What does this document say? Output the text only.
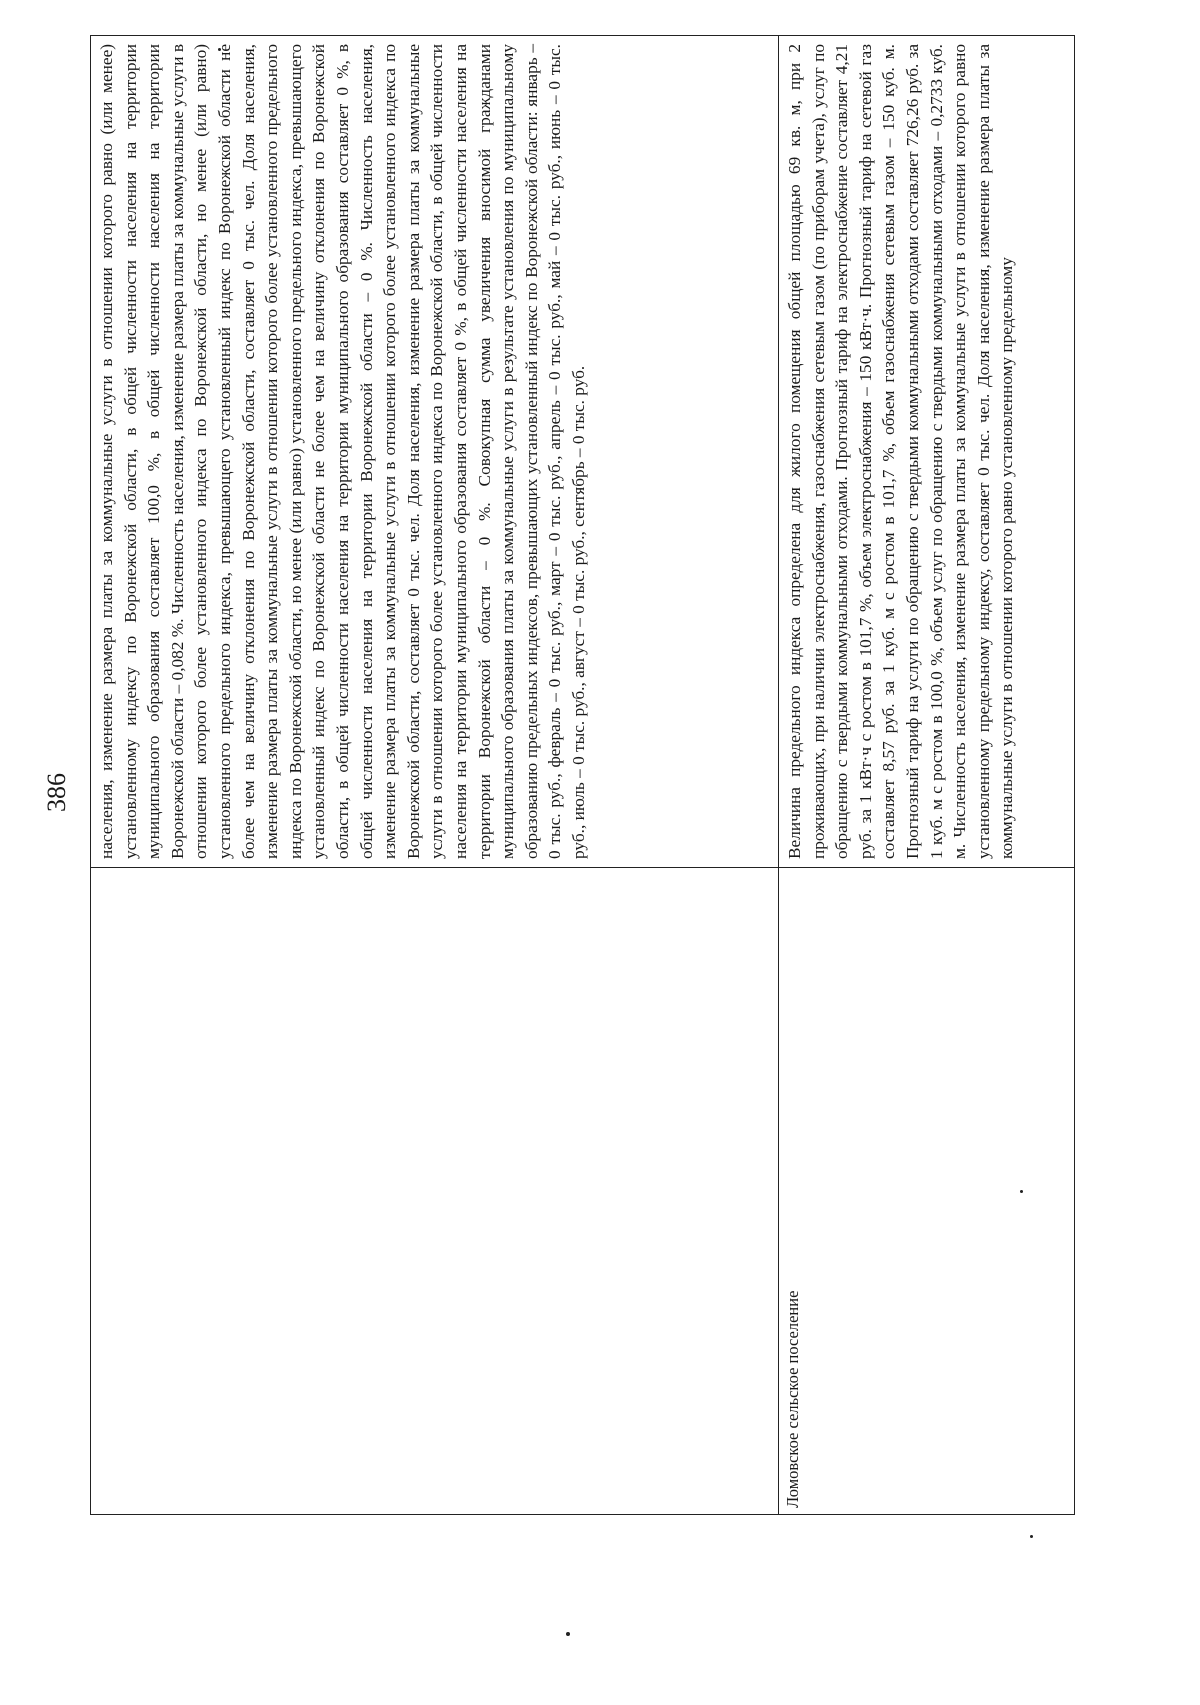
386	населения, изменение размера платы за коммунальные услуги в отношении которого равно (или менее) установленному индексу по Воронежской области, в общей численности населения на территории муниципального образования составляет 100,0 %, в общей численности населения на территории Воронежской области – 0,082 %. Численность населения, изменение размера платы за коммунальные услуги в отношении которого более установленного индекса по Воронежской области, но менее (или равно) установленного предельного индекса, превышающего установленный индекс по Воронежской области не более чем на величину отклонения по Воронежской области, составляет 0 тыс. чел. Доля населения, изменение размера платы за коммунальные услуги в отношении которого более установленного предельного индекса по Воронежской области, но менее (или равно) установленного предельного индекса, превышающего установленный индекс по Воронежской области не более чем на величину отклонения по Воронежской области, в общей численности населения на территории муниципального образования составляет 0 %, в общей численности населения на территории Воронежской области – 0 %. Численность населения, изменение размера платы за коммунальные услуги в отношении которого более установленного индекса по Воронежской области, составляет 0 тыс. чел. Доля населения, изменение размера платы за коммунальные услуги в отношении которого более установленного индекса по Воронежской области, в общей численности населения на территории муниципального образования составляет 0 %, в общей численности населения на территории Воронежской области – 0 %. Совокупная сумма увеличения вносимой гражданами муниципального образования платы за коммунальные услуги в результате установления по муниципальному образованию предельных индексов, превышающих установленный индекс по Воронежской области: январь – 0 тыс. руб., февраль – 0 тыс. руб., март – 0 тыс. руб., апрель – 0 тыс. руб., май – 0 тыс. руб., июнь – 0 тыс. руб., июль – 0 тыс. руб., август – 0 тыс. руб., сентябрь – 0 тыс. руб.
Ломовское сельское поселение
Величина предельного индекса определена для жилого помещения общей площадью 69 кв. м, при 2 проживающих, при наличии электроснабжения, газоснабжения сетевым газом (по приборам учета), услуг по обращению с твердыми коммунальными отходами. Прогнозный тариф на электроснабжение составляет 4,21 руб. за 1 кВт·ч с ростом в 101,7 %, объем электроснабжения – 150 кВт·ч. Прогнозный тариф на сетевой газ составляет 8,57 руб. за 1 куб. м с ростом в 101,7 %, объем газоснабжения сетевым газом – 150 куб. м. Прогнозный тариф на услуги по обращению с твердыми коммунальными отходами составляет 726,26 руб. за 1 куб. м с ростом в 100,0 %, объем услуг по обращению с твердыми коммунальными отходами – 0,2733 куб. м. Численность населения, изменение размера платы за коммунальные услуги в отношении которого равно установленному предельному индексу, составляет 0 тыс. чел. Доля населения, изменение размера платы за коммунальные услуги в отношении которого равно установленному предельному
